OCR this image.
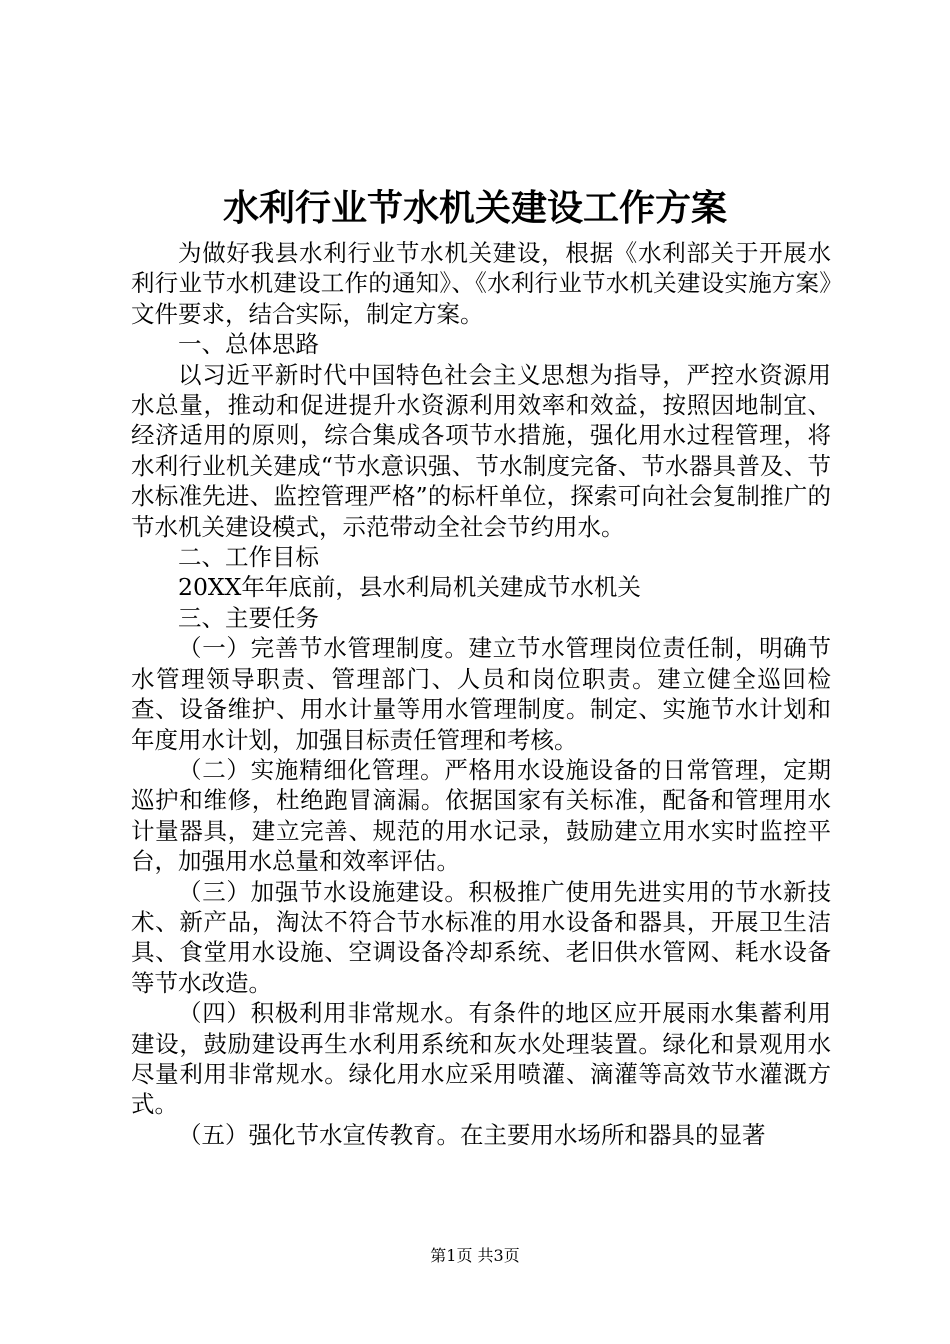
水利行业节水机关建设工作方案

为做好我县水利行业节水机关建设，根据《水利部关于开展水利行业节水机建设工作的通知》、《水利行业节水机关建设实施方案》文件要求，结合实际，制定方案。

一、总体思路

以习近平新时代中国特色社会主义思想为指导，严控水资源用水总量，推动和促进提升水资源利用效率和效益，按照因地制宜、经济适用的原则，综合集成各项节水措施，强化用水过程管理，将水利行业机关建成“节水意识强、节水制度完备、节水器具普及、节水标准先进、监控管理严格”的标杆单位，探索可向社会复制推广的节水机关建设模式，示范带动全社会节约用水。

二、工作目标

20XX年年底前，县水利局机关建成节水机关

三、主要任务

（一）完善节水管理制度。建立节水管理岗位责任制，明确节水管理领导职责、管理部门、人员和岗位职责。建立健全巡回检查、设备维护、用水计量等用水管理制度。制定、实施节水计划和年度用水计划，加强目标责任管理和考核。

（二）实施精细化管理。严格用水设施设备的日常管理，定期巡护和维修，杜绝跑冒滴漏。依据国家有关标准，配备和管理用水计量器具，建立完善、规范的用水记录，鼓励建立用水实时监控平台，加强用水总量和效率评估。

（三）加强节水设施建设。积极推广使用先进实用的节水新技术、新产品，淘汰不符合节水标准的用水设备和器具，开展卫生洁具、食堂用水设施、空调设备冷却系统、老旧供水管网、耗水设备等节水改造。

（四）积极利用非常规水。有条件的地区应开展雨水集蓄利用建设，鼓励建设再生水利用系统和灰水处理装置。绿化和景观用水尽量利用非常规水。绿化用水应采用喷灌、滴灌等高效节水灌溉方式。

（五）强化节水宣传教育。在主要用水场所和器具的显著

第1页 共3页
